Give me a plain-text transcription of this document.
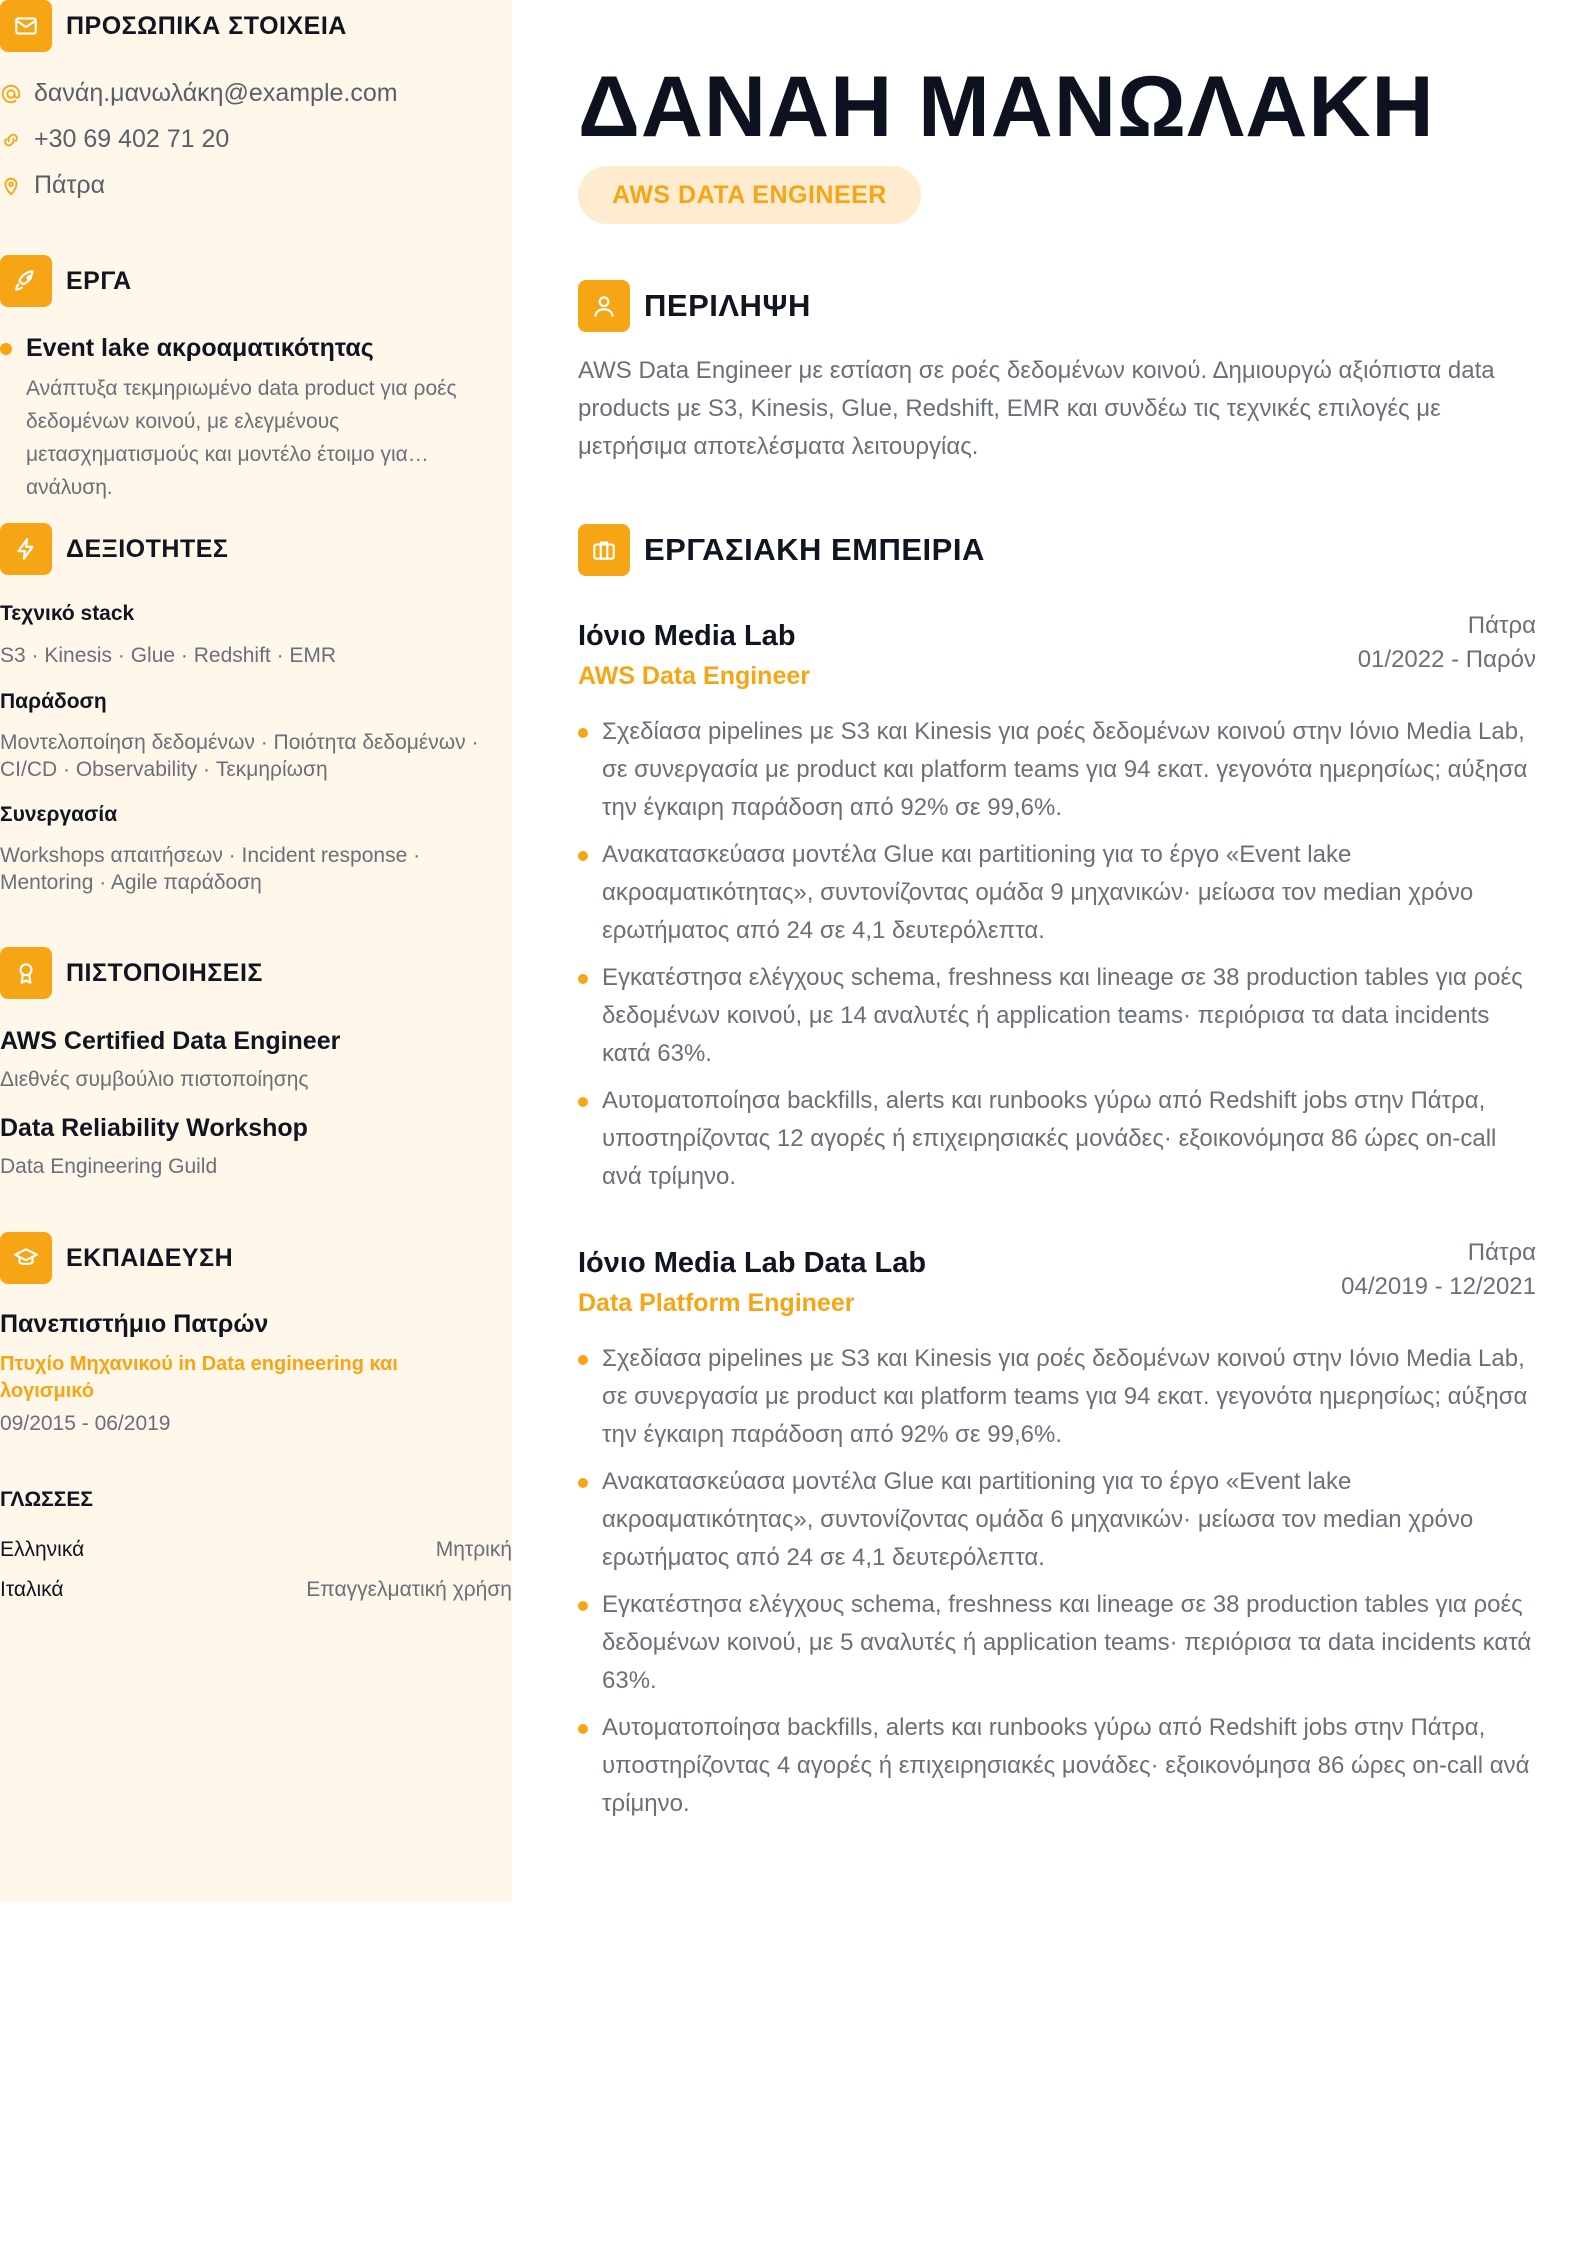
ΠΡΟΣΩΠΙΚΑ ΣΤΟΙΧΕΙΑ
δανάη.μανωλάκη@example.com
+30 69 402 71 20
Πάτρα
ΕΡΓΑ
Event lake ακροαματικότητας
Ανάπτυξα τεκμηριωμένο data product για ροές δεδομένων κοινού, με ελεγμένους μετασχηματισμούς και μοντέλο έτοιμο για ανάλυση.
ΔΕΞΙΟΤΗΤΕΣ
Τεχνικό stack
S3 · Kinesis · Glue · Redshift · EMR
Παράδοση
Μοντελοποίηση δεδομένων · Ποιότητα δεδομένων · CI/CD · Observability · Τεκμηρίωση
Συνεργασία
Workshops απαιτήσεων · Incident response · Mentoring · Agile παράδοση
ΠΙΣΤΟΠΟΙΗΣΕΙΣ
AWS Certified Data Engineer
Διεθνές συμβούλιο πιστοποίησης
Data Reliability Workshop
Data Engineering Guild
ΕΚΠΑΙΔΕΥΣΗ
Πανεπιστήμιο Πατρών
Πτυχίο Μηχανικού in Data engineering και λογισμικό
09/2015 - 06/2019
ΓΛΩΣΣΕΣ
Ελληνικά	Μητρική
Ιταλικά	Επαγγελματική χρήση
ΔΑΝΑΗ ΜΑΝΩΛΑΚΗ
AWS DATA ENGINEER
ΠΕΡΙΛΗΨΗ

AWS Data Engineer με εστίαση σε ροές δεδομένων κοινού. Δημιουργώ αξιόπιστα data products με S3, Kinesis, Glue, Redshift, EMR και συνδέω τις τεχνικές επιλογές με μετρήσιμα αποτελέσματα λειτουργίας.

ΕΡΓΑΣΙΑΚΗ ΕΜΠΕΙΡΙΑ
Ιόνιο Media Lab
AWS Data Engineer
Πάτρα
01/2022 - Παρόν
Σχεδίασα pipelines με S3 και Kinesis για ροές δεδομένων κοινού στην Ιόνιο Media Lab, σε συνεργασία με product και platform teams για 94 εκατ. γεγονότα ημερησίως; αύξησα την έγκαιρη παράδοση από 92% σε 99,6%.
Ανακατασκεύασα μοντέλα Glue και partitioning για το έργο «Event lake ακροαματικότητας», συντονίζοντας ομάδα 9 μηχανικών· μείωσα τον median χρόνο ερωτήματος από 24 σε 4,1 δευτερόλεπτα.
Εγκατέστησα ελέγχους schema, freshness και lineage σε 38 production tables για ροές δεδομένων κοινού, με 14 αναλυτές ή application teams· περιόρισα τα data incidents κατά 63%.
Αυτοματοποίησα backfills, alerts και runbooks γύρω από Redshift jobs στην Πάτρα, υποστηρίζοντας 12 αγορές ή επιχειρησιακές μονάδες· εξοικονόμησα 86 ώρες on-call ανά τρίμηνο.
Ιόνιο Media Lab Data Lab
Data Platform Engineer
Πάτρα
04/2019 - 12/2021
Σχεδίασα pipelines με S3 και Kinesis για ροές δεδομένων κοινού στην Ιόνιο Media Lab, σε συνεργασία με product και platform teams για 94 εκατ. γεγονότα ημερησίως; αύξησα την έγκαιρη παράδοση από 92% σε 99,6%.
Ανακατασκεύασα μοντέλα Glue και partitioning για το έργο «Event lake ακροαματικότητας», συντονίζοντας ομάδα 6 μηχανικών· μείωσα τον median χρόνο ερωτήματος από 24 σε 4,1 δευτερόλεπτα.
Εγκατέστησα ελέγχους schema, freshness και lineage σε 38 production tables για ροές δεδομένων κοινού, με 5 αναλυτές ή application teams· περιόρισα τα data incidents κατά 63%.
Αυτοματοποίησα backfills, alerts και runbooks γύρω από Redshift jobs στην Πάτρα, υποστηρίζοντας 4 αγορές ή επιχειρησιακές μονάδες· εξοικονόμησα 86 ώρες on-call ανά τρίμηνο.
